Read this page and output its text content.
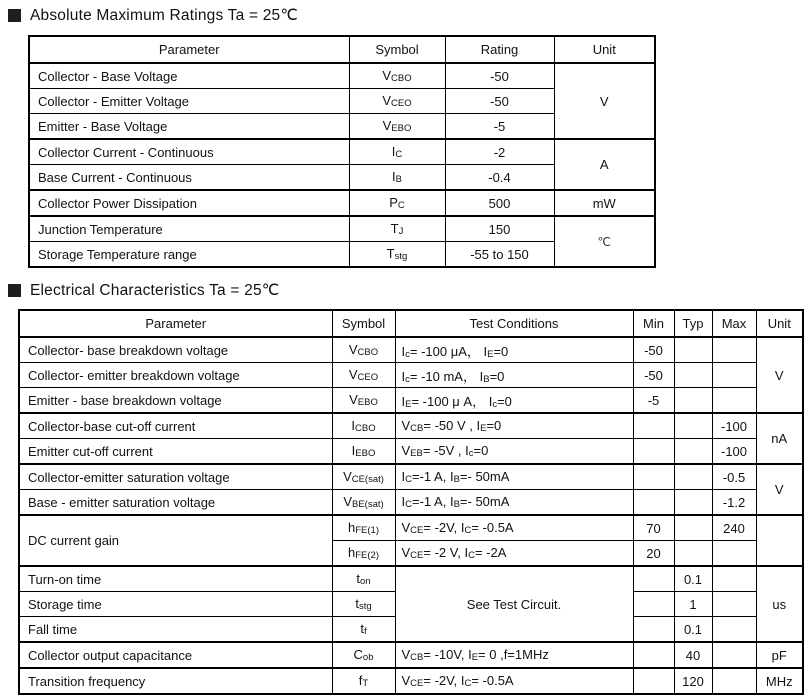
Absolute Maximum Ratings Ta = 25℃
Parameter	Symbol	Rating	Unit
Collector - Base Voltage	VCBO	-50	V
Collector - Emitter Voltage	VCEO	-50	
Emitter - Base Voltage	VEBO	-5	
Collector Current - Continuous	IC	-2	A
Base Current - Continuous	IB	-0.4	
Collector Power Dissipation	PC	500	mW
Junction Temperature	TJ	150	℃
Storage Temperature range	Tstg	-55 to 150	
Electrical Characteristics Ta = 25℃
Parameter	Symbol	Test Conditions	Min	Typ	Max	Unit
Collector- base breakdown voltage	VCBO	Ic= -100 μA， IE=0	-50			V
Collector- emitter breakdown voltage	VCEO	Ic= -10 mA， IB=0	-50			
Emitter - base breakdown voltage	VEBO	IE= -100 μ A， Ic=0	-5			
Collector-base cut-off current	ICBO	VCB= -50 V , IE=0			-100	nA
Emitter cut-off current	IEBO	VEB= -5V , Ic=0			-100	
Collector-emitter saturation voltage	VCE(sat)	IC=-1 A, IB=- 50mA			-0.5	V
Base - emitter saturation voltage	VBE(sat)	IC=-1 A, IB=- 50mA			-1.2	
DC current gain	hFE(1)	VCE= -2V, IC= -0.5A	70		240	
	hFE(2)	VCE= -2 V, IC= -2A	20			
Turn-on time	ton	See Test Circuit.		0.1		us
Storage time	tstg			1		
Fall time	tf			0.1		
Collector output capacitance	Cob	VCB= -10V, IE= 0 ,f=1MHz		40		pF
Transition frequency	fT	VCE= -2V, IC= -0.5A		120		MHz
